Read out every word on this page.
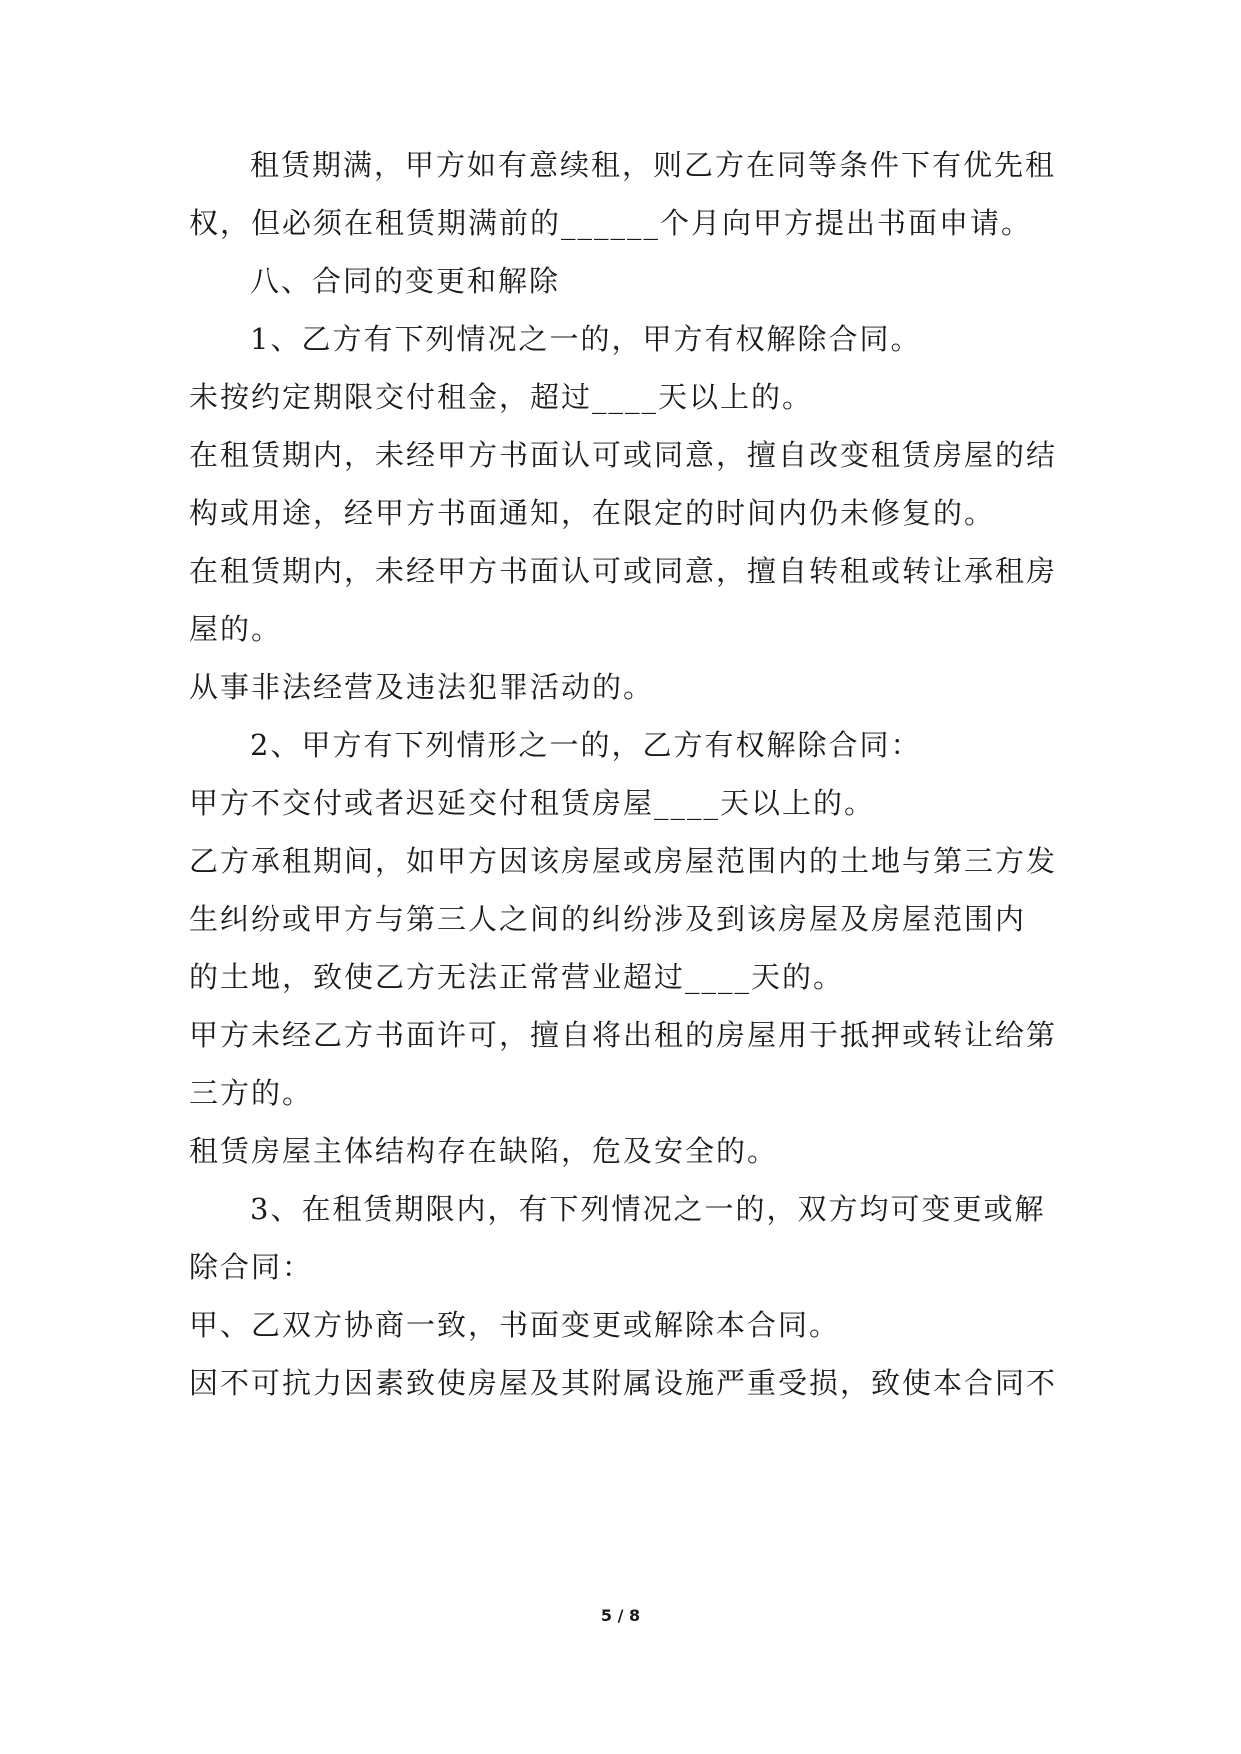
租赁期满，甲方如有意续租，则乙方在同等条件下有优先租
权，但必须在租赁期满前的______个月向甲方提出书面申请。
八、合同的变更和解除
1、乙方有下列情况之一的，甲方有权解除合同。
未按约定期限交付租金，超过____天以上的。
在租赁期内，未经甲方书面认可或同意，擅自改变租赁房屋的结
构或用途，经甲方书面通知，在限定的时间内仍未修复的。
在租赁期内，未经甲方书面认可或同意，擅自转租或转让承租房
屋的。
从事非法经营及违法犯罪活动的。
2、甲方有下列情形之一的，乙方有权解除合同：
甲方不交付或者迟延交付租赁房屋____天以上的。
乙方承租期间，如甲方因该房屋或房屋范围内的土地与第三方发
生纠纷或甲方与第三人之间的纠纷涉及到该房屋及房屋范围内
的土地，致使乙方无法正常营业超过____天的。
甲方未经乙方书面许可，擅自将出租的房屋用于抵押或转让给第
三方的。
租赁房屋主体结构存在缺陷，危及安全的。
3、在租赁期限内，有下列情况之一的，双方均可变更或解
除合同：
甲、乙双方协商一致，书面变更或解除本合同。
因不可抗力因素致使房屋及其附属设施严重受损，致使本合同不
5 / 8
